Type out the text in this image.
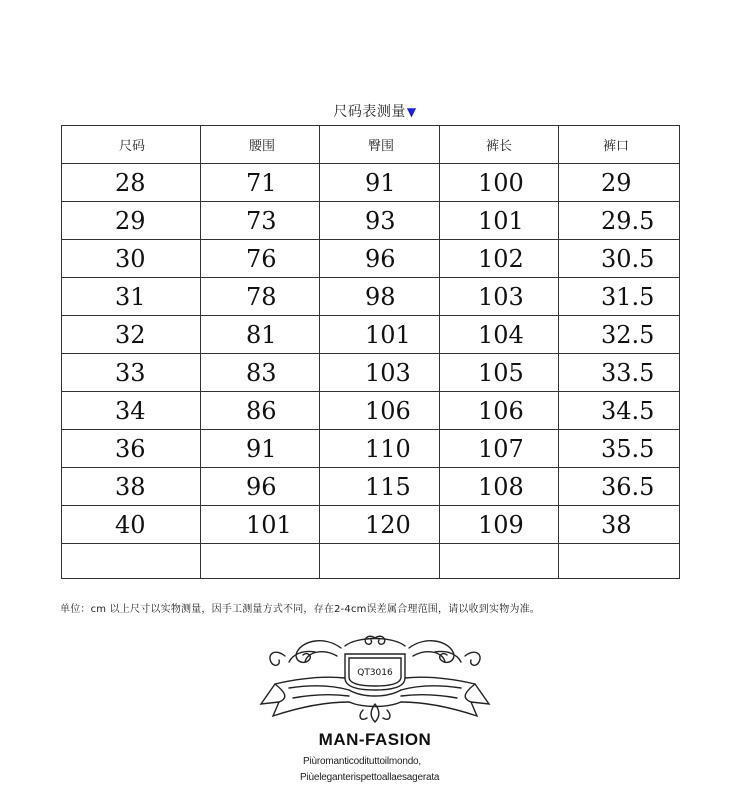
尺码表测量▼
尺码	腰围	臀围	裤长	裤口
28	71	91	100	29
29	73	93	101	29.5
30	76	96	102	30.5
31	78	98	103	31.5
32	81	101	104	32.5
33	83	103	105	33.5
34	86	106	106	34.5
36	91	110	107	35.5
38	96	115	108	36.5
40	101	120	109	38

单位：cm 以上尺寸以实物测量，因手工测量方式不同，存在2-4cm误差属合理范围，请以收到实物为准。
QT3016
MAN-FASION
Piùromanticodituttoilmondo,
Piùeleganterispettoallaesagerata
